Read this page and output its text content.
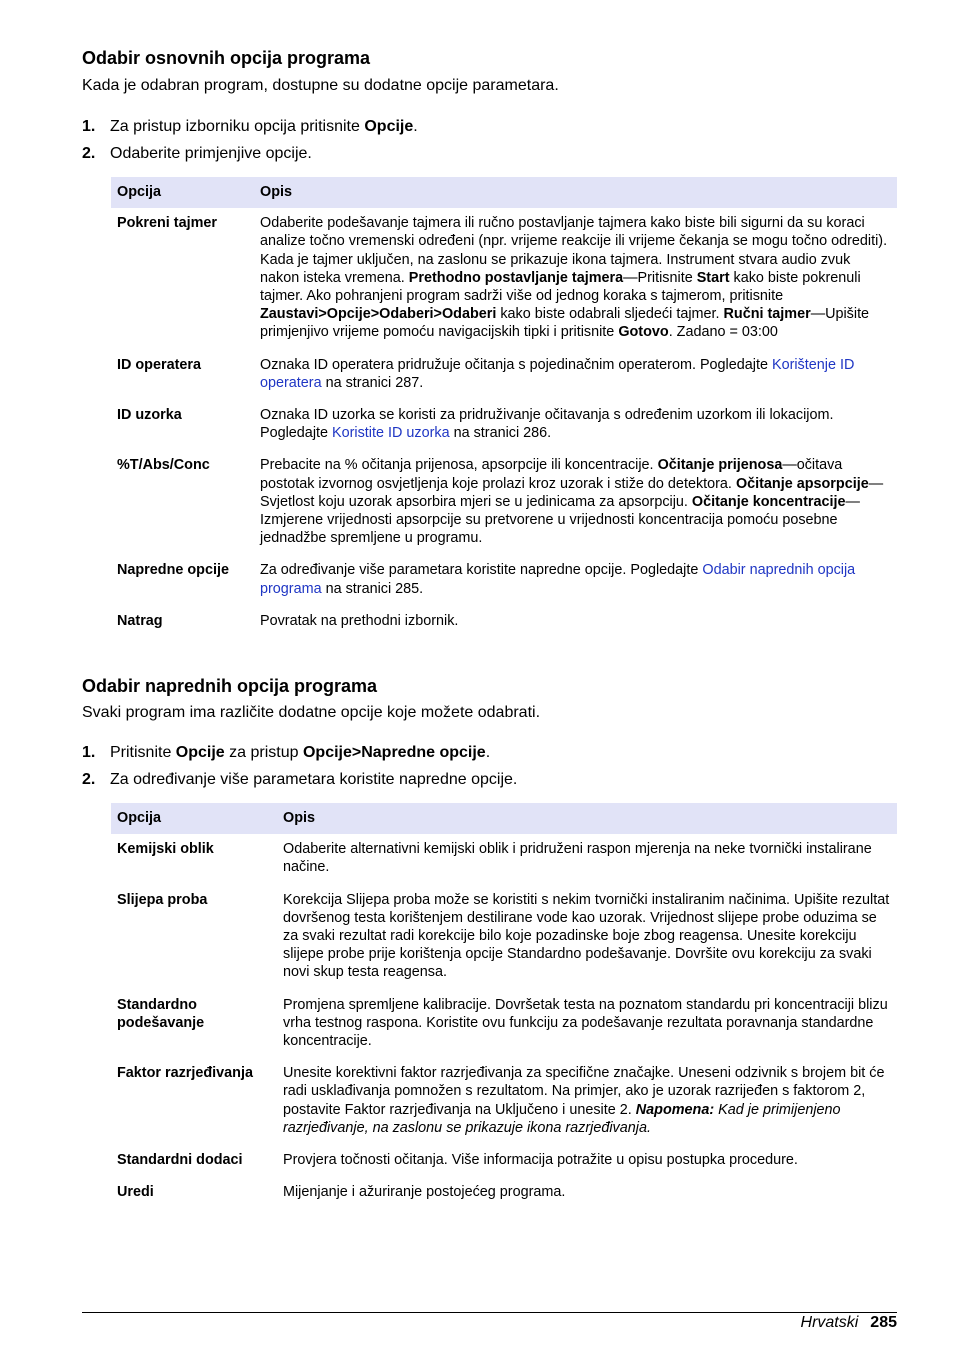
Odabir osnovnih opcija programa

Kada je odabran program, dostupne su dodatne opcije parametara.

1. Za pristup izborniku opcija pritisnite Opcije.
2. Odaberite primjenjive opcije.
Opcija	Opis
Pokreni tajmer	Odaberite podešavanje tajmera ili ručno postavljanje tajmera kako biste bili sigurni da su koraci analize točno vremenski određeni (npr. vrijeme reakcije ili vrijeme čekanja se mogu točno odrediti). Kada je tajmer uključen, na zaslonu se prikazuje ikona tajmera. Instrument stvara audio zvuk nakon isteka vremena. Prethodno postavljanje tajmera—Pritisnite Start kako biste pokrenuli tajmer. Ako pohranjeni program sadrži više od jednog koraka s tajmerom, pritisnite Zaustavi>Opcije>Odaberi>Odaberi kako biste odabrali sljedeći tajmer. Ručni tajmer—Upišite primjenjivo vrijeme pomoću navigacijskih tipki i pritisnite Gotovo. Zadano = 03:00
ID operatera	Oznaka ID operatera pridružuje očitanja s pojedinačnim operaterom. Pogledajte Korištenje ID operatera na stranici 287.
ID uzorka	Oznaka ID uzorka se koristi za pridruživanje očitavanja s određenim uzorkom ili lokacijom. Pogledajte Koristite ID uzorka na stranici 286.
%T/Abs/Conc	Prebacite na % očitanja prijenosa, apsorpcije ili koncentracije. Očitanje prijenosa—očitava postotak izvornog osvjetljenja koje prolazi kroz uzorak i stiže do detektora. Očitanje apsorpcije—Svjetlost koju uzorak apsorbira mjeri se u jedinicama za apsorpciju. Očitanje koncentracije—Izmjerene vrijednosti apsorpcije su pretvorene u vrijednosti koncentracija pomoću posebne jednadžbe spremljene u programu.
Napredne opcije	Za određivanje više parametara koristite napredne opcije. Pogledajte Odabir naprednih opcija programa na stranici 285.
Natrag	Povratak na prethodni izbornik.
Odabir naprednih opcija programa

Svaki program ima različite dodatne opcije koje možete odabrati.

1. Pritisnite Opcije za pristup Opcije>Napredne opcije.
2. Za određivanje više parametara koristite napredne opcije.
Opcija	Opis
Kemijski oblik	Odaberite alternativni kemijski oblik i pridruženi raspon mjerenja na neke tvornički instalirane načine.
Slijepa proba	Korekcija Slijepa proba može se koristiti s nekim tvornički instaliranim načinima. Upišite rezultat dovršenog testa korištenjem destilirane vode kao uzorak. Vrijednost slijepe probe oduzima se za svaki rezultat radi korekcije bilo koje pozadinske boje zbog reagensa. Unesite korekciju slijepe probe prije korištenja opcije Standardno podešavanje. Dovršite ovu korekciju za svaki novi skup testa reagensa.
Standardno podešavanje	Promjena spremljene kalibracije. Dovršetak testa na poznatom standardu pri koncentraciji blizu vrha testnog raspona. Koristite ovu funkciju za podešavanje rezultata poravnanja standardne koncentracije.
Faktor razrjeđivanja	Unesite korektivni faktor razrjeđivanja za specifične značajke. Uneseni odzivnik s brojem bit će radi usklađivanja pomnožen s rezultatom. Na primjer, ako je uzorak razrijeđen s faktorom 2, postavite Faktor razrjeđivanja na Uključeno i unesite 2. Napomena: Kad je primijenjeno razrjeđivanje, na zaslonu se prikazuje ikona razrjeđivanja.
Standardni dodaci	Provjera točnosti očitanja. Više informacija potražite u opisu postupka procedure.
Uredi	Mijenjanje i ažuriranje postojećeg programa.
Hrvatski 285
